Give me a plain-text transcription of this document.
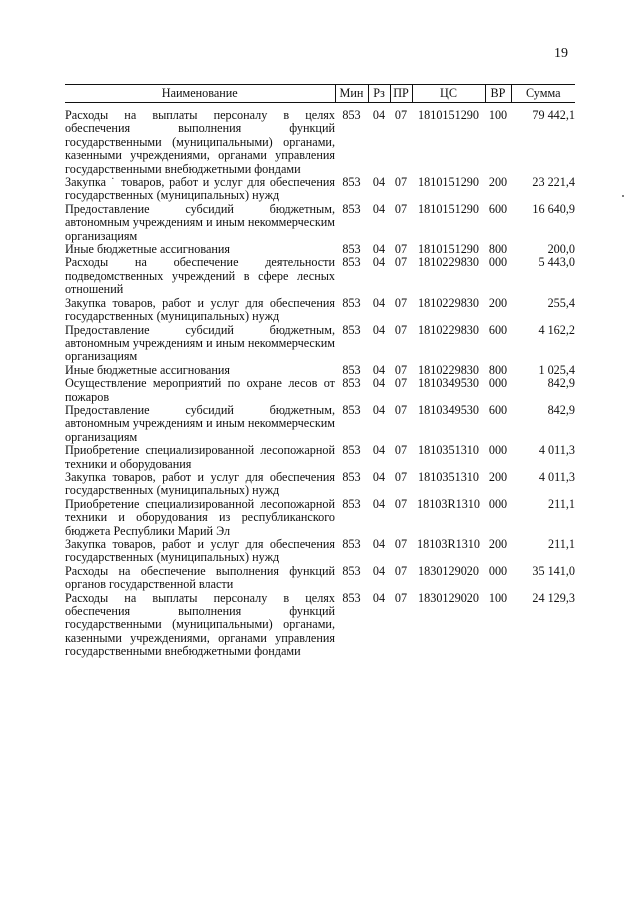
19
Наименование	Мин	Рз	ПР	ЦС	ВР	Сумма
Расходы на выплаты персоналу в целях обеспечения выполнения функций государственными (муниципальными) органами, казенными учреждениями, органами управления государственными внебюджетными фондами	853	04	07	1810151290	100	79 442,1
Закупка ˙ товаров, работ и услуг для обеспечения государственных (муниципальных) нужд	853	04	07	1810151290	200	23 221,4
Предоставление субсидий бюджетным, автономным учреждениям и иным некоммерческим организациям	853	04	07	1810151290	600	16 640,9
Иные бюджетные ассигнования	853	04	07	1810151290	800	200,0
Расходы на обеспечение деятельности подведомственных учреждений в сфере лесных отношений	853	04	07	1810229830	000	5 443,0
Закупка товаров, работ и услуг для обеспечения государственных (муниципальных) нужд	853	04	07	1810229830	200	255,4
Предоставление субсидий бюджетным, автономным учреждениям и иным некоммерческим организациям	853	04	07	1810229830	600	4 162,2
Иные бюджетные ассигнования	853	04	07	1810229830	800	1 025,4
Осуществление мероприятий по охране лесов от пожаров	853	04	07	1810349530	000	842,9
Предоставление субсидий бюджетным, автономным учреждениям и иным некоммерческим организациям	853	04	07	1810349530	600	842,9
Приобретение специализированной лесопожарной техники и оборудования	853	04	07	1810351310	000	4 011,3
Закупка товаров, работ и услуг для обеспечения государственных (муниципальных) нужд	853	04	07	1810351310	200	4 011,3
Приобретение специализированной лесопожарной техники и оборудования из республиканского бюджета Республики Марий Эл	853	04	07	18103R1310	000	211,1
Закупка товаров, работ и услуг для обеспечения государственных (муниципальных) нужд	853	04	07	18103R1310	200	211,1
Расходы на обеспечение выполнения функций органов государственной власти	853	04	07	1830129020	000	35 141,0
Расходы на выплаты персоналу в целях обеспечения выполнения функций государственными (муниципальными) органами, казенными учреждениями, органами управления государственными внебюджетными фондами	853	04	07	1830129020	100	24 129,3
